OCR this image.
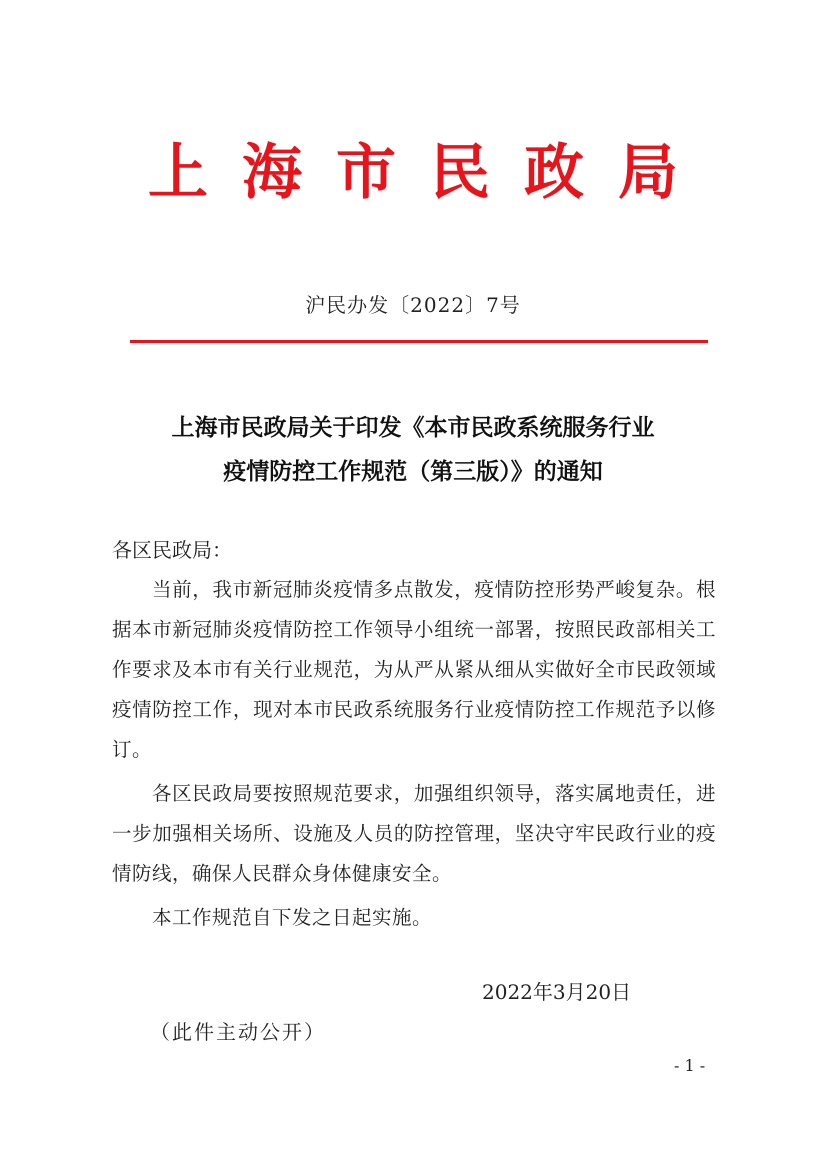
上海市民政局
沪民办发〔2022〕7号
上海市民政局关于印发《本市民政系统服务行业
疫情防控工作规范（第三版）》的通知
各区民政局：

当前，我市新冠肺炎疫情多点散发，疫情防控形势严峻复杂。根据本市新冠肺炎疫情防控工作领导小组统一部署，按照民政部相关工作要求及本市有关行业规范，为从严从紧从细从实做好全市民政领域疫情防控工作，现对本市民政系统服务行业疫情防控工作规范予以修订。

各区民政局要按照规范要求，加强组织领导，落实属地责任，进一步加强相关场所、设施及人员的防控管理，坚决守牢民政行业的疫情防线，确保人民群众身体健康安全。

本工作规范自下发之日起实施。

2022年3月20日
（此件主动公开）
- 1 -
